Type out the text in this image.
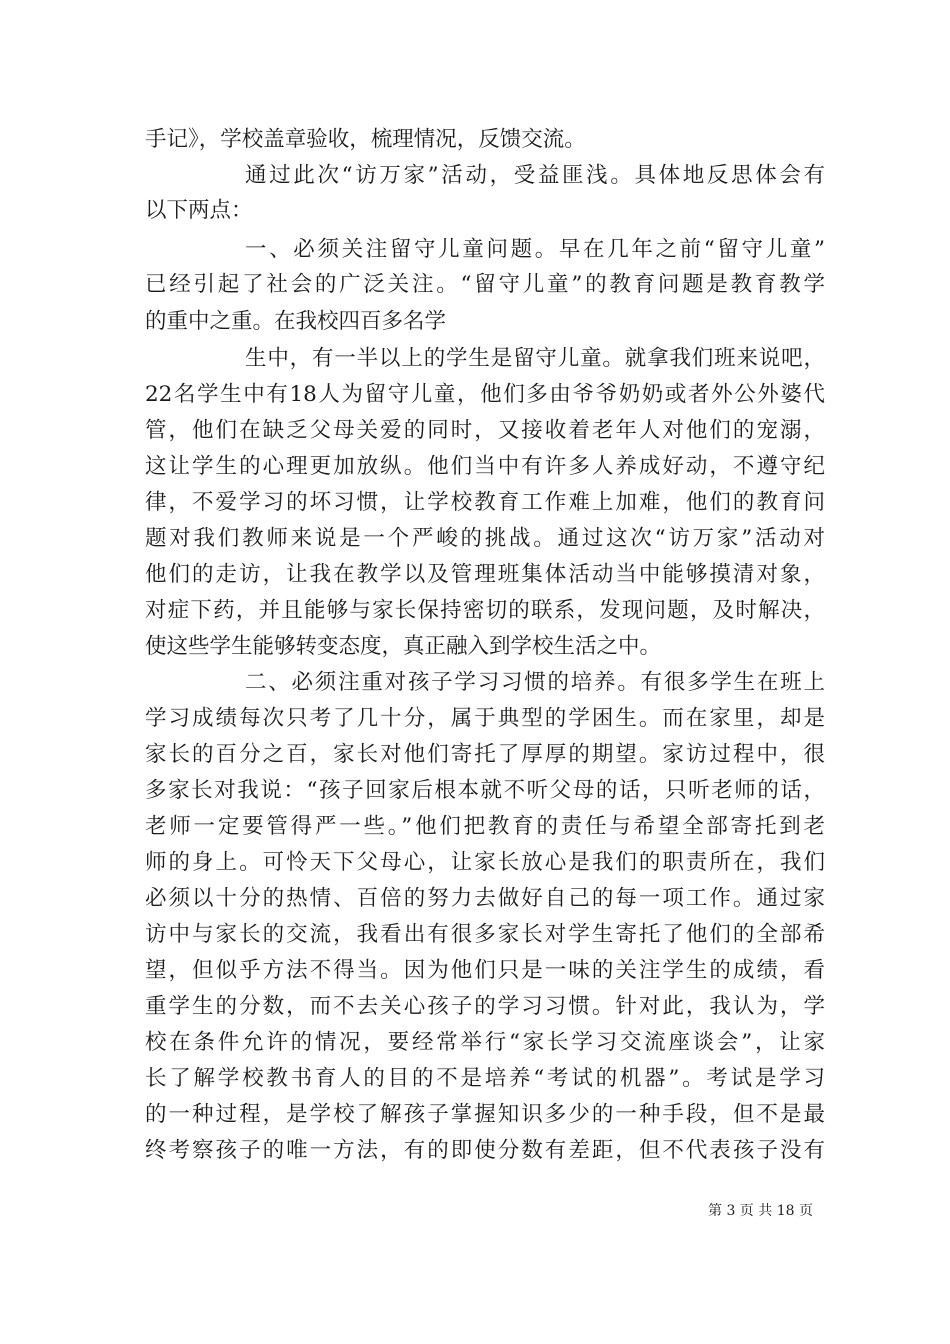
手记》，学校盖章验收，梳理情况，反馈交流。
通过此次“访万家”活动，受益匪浅。具体地反思体会有
以下两点：
一、必须关注留守儿童问题。早在几年之前“留守儿童”
已经引起了社会的广泛关注。“留守儿童”的教育问题是教育教学
的重中之重。在我校四百多名学
生中，有一半以上的学生是留守儿童。就拿我们班来说吧，
22名学生中有18人为留守儿童，他们多由爷爷奶奶或者外公外婆代
管，他们在缺乏父母关爱的同时，又接收着老年人对他们的宠溺，
这让学生的心理更加放纵。他们当中有许多人养成好动，不遵守纪
律，不爱学习的坏习惯，让学校教育工作难上加难，他们的教育问
题对我们教师来说是一个严峻的挑战。通过这次“访万家”活动对
他们的走访，让我在教学以及管理班集体活动当中能够摸清对象，
对症下药，并且能够与家长保持密切的联系，发现问题，及时解决，
使这些学生能够转变态度，真正融入到学校生活之中。
二、必须注重对孩子学习习惯的培养。有很多学生在班上
学习成绩每次只考了几十分，属于典型的学困生。而在家里，却是
家长的百分之百，家长对他们寄托了厚厚的期望。家访过程中，很
多家长对我说：“孩子回家后根本就不听父母的话，只听老师的话，
老师一定要管得严一些。”他们把教育的责任与希望全部寄托到老
师的身上。可怜天下父母心，让家长放心是我们的职责所在，我们
必须以十分的热情、百倍的努力去做好自己的每一项工作。通过家
访中与家长的交流，我看出有很多家长对学生寄托了他们的全部希
望，但似乎方法不得当。因为他们只是一味的关注学生的成绩，看
重学生的分数，而不去关心孩子的学习习惯。针对此，我认为，学
校在条件允许的情况，要经常举行“家长学习交流座谈会”，让家
长了解学校教书育人的目的不是培养“考试的机器”。考试是学习
的一种过程，是学校了解孩子掌握知识多少的一种手段，但不是最
终考察孩子的唯一方法，有的即使分数有差距，但不代表孩子没有
第 3 页 共 18 页
